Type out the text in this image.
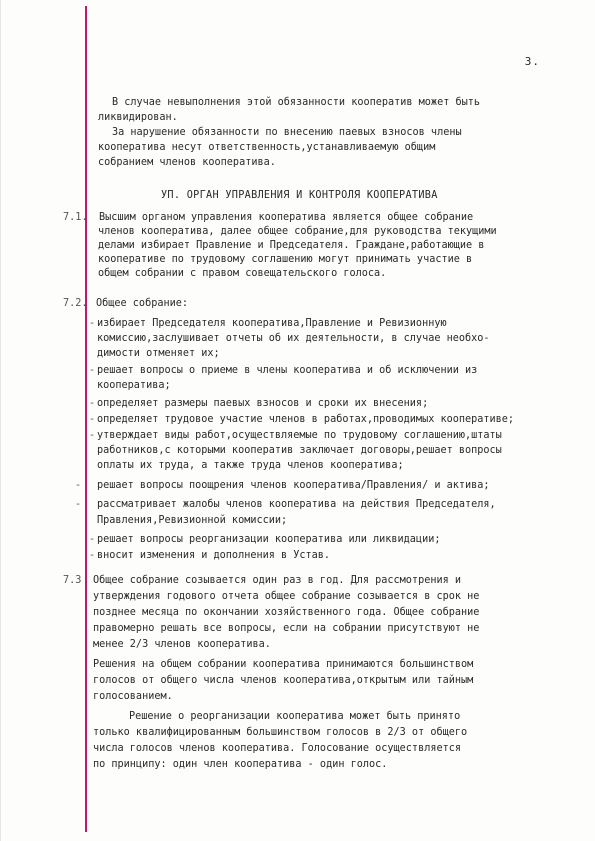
3.
В случае невыполнения этой обязанности кооператив может быть
ликвидирован.
За нарушение обязанности по внесению паевых взносов члены
кооператива несут ответственность,устанавливаемую общим
собранием членов кооператива.
УП. ОРГАН УПРАВЛЕНИЯ И КОНТРОЛЯ КООПЕРАТИВА
7.1. Высшим органом управления кооператива является общее собрание
членов кооператива, далее общее собрание,для руководства текущими
делами избирает Правление и Председателя. Граждане,работающие в
кооперативе по трудовому соглашению могут принимать участие в
общем собрании с правом совещательского голоса.
7.2. Общее собрание:
- избирает Председателя кооператива,Правление и Ревизионную
комиссию,заслушивает отчеты об их деятельности, в случае необхо-
димости отменяет их;
- решает вопросы о приеме в члены кооператива и об исключении из
кооператива;
- определяет размеры паевых взносов и сроки их внесения;
- определяет трудовое участие членов в работах,проводимых кооперативе;
- утверждает виды работ,осуществляемые по трудовому соглашению,штаты
работников,с которыми кооператив заключает договоры,решает вопросы
оплаты их труда, а также труда членов кооператива;
- решает вопросы поощрения членов кооператива/Правления/ и актива;
- рассматривает жалобы членов кооператива на действия Председателя,
Правления,Ревизионной комиссии;
- решает вопросы реорганизации кооператива или ликвидации;
- вносит изменения и дополнения в Устав.
7.3 Общее собрание созывается один раз в год. Для рассмотрения и
утверждения годового отчета общее собрание созывается в срок не
позднее месяца по окончании хозяйственного года. Общее собрание
правомерно решать все вопросы, если на собрании присутствуют не
менее 2/3 членов кооператива.
Решения на общем собрании кооператива принимаются большинством
голосов от общего числа членов кооператива,открытым или тайным
голосованием.
Решение о реорганизации кооператива может быть принято
только квалифицированным большинством голосов в 2/3 от общего
числа голосов членов кооператива. Голосование осуществляется
по принципу: один член кооператива - один голос.
